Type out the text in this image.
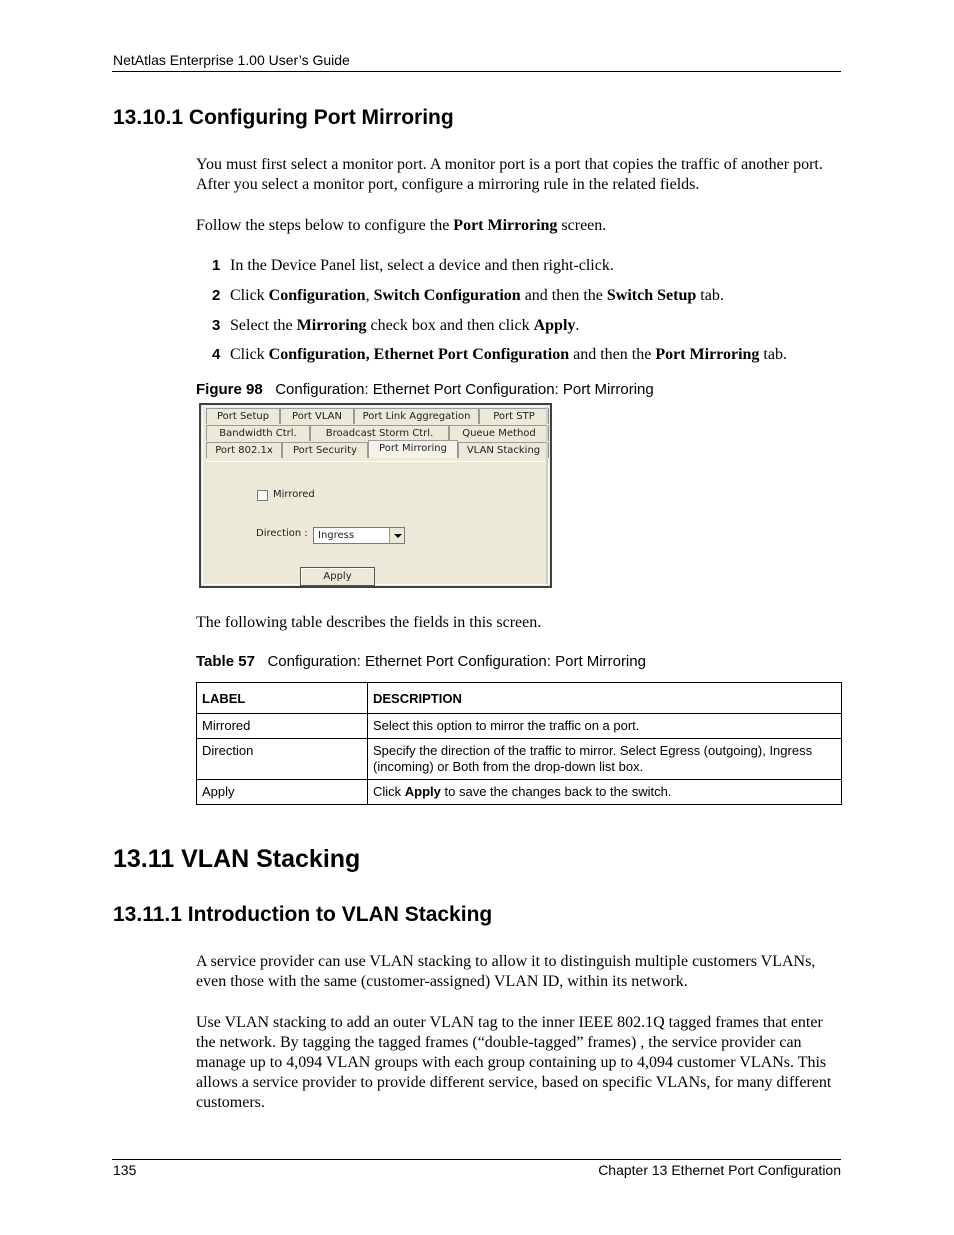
NetAtlas Enterprise 1.00 User’s Guide
13.10.1 Configuring Port Mirroring
You must first select a monitor port. A monitor port is a port that copies the traffic of another port. After you select a monitor port, configure a mirroring rule in the related fields.
Follow the steps below to configure the Port Mirroring screen.
1 In the Device Panel list, select a device and then right-click.
2 Click Configuration, Switch Configuration and then the Switch Setup tab.
3 Select the Mirroring check box and then click Apply.
4 Click Configuration, Ethernet Port Configuration and then the Port Mirroring tab.
Figure 98 Configuration: Ethernet Port Configuration: Port Mirroring
Port Setup	Port VLAN	Port Link Aggregation	Port STP
Bandwidth Ctrl.	Broadcast Storm Ctrl.	Queue Method
Port 802.1x	Port Security	Port Mirroring	VLAN Stacking
Mirrored
Direction :	Ingress
Apply
The following table describes the fields in this screen.
Table 57 Configuration: Ethernet Port Configuration: Port Mirroring
LABEL	DESCRIPTION
Mirrored	Select this option to mirror the traffic on a port.
Direction	Specify the direction of the traffic to mirror. Select Egress (outgoing), Ingress (incoming) or Both from the drop-down list box.
Apply	Click Apply to save the changes back to the switch.
13.11 VLAN Stacking
13.11.1 Introduction to VLAN Stacking
A service provider can use VLAN stacking to allow it to distinguish multiple customers VLANs, even those with the same (customer-assigned) VLAN ID, within its network.
Use VLAN stacking to add an outer VLAN tag to the inner IEEE 802.1Q tagged frames that enter the network. By tagging the tagged frames (“double-tagged” frames) , the service provider can manage up to 4,094 VLAN groups with each group containing up to 4,094 customer VLANs. This allows a service provider to provide different service, based on specific VLANs, for many different customers.
135	Chapter 13 Ethernet Port Configuration
